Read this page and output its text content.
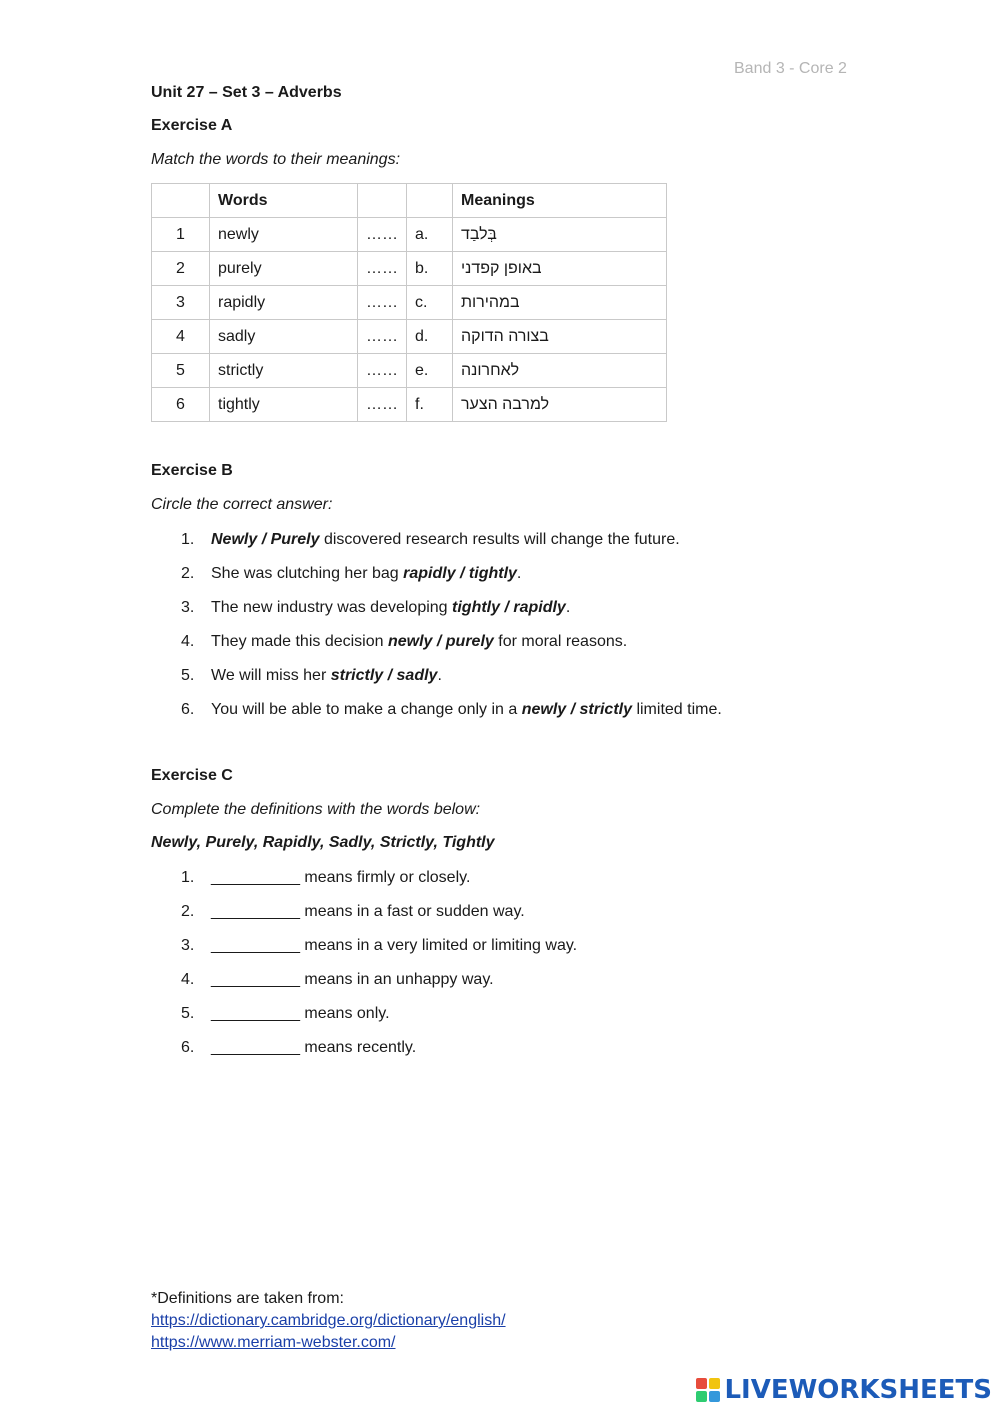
Band 3 - Core 2
Unit 27 – Set 3 – Adverbs
Exercise A
Match the words to their meanings:
	Words			Meanings
1	newly	……	a.	בְּלבַד
2	purely	……	b.	באופן קפדני
3	rapidly	……	c.	במהירות
4	sadly	……	d.	בצורה הדוקה
5	strictly	……	e.	לאחרונה
6	tightly	……	f.	למרבה הצער
Exercise B
Circle the correct answer:
1. Newly / Purely discovered research results will change the future.
2. She was clutching her bag rapidly / tightly.
3. The new industry was developing tightly / rapidly.
4. They made this decision newly / purely for moral reasons.
5. We will miss her strictly / sadly.
6. You will be able to make a change only in a newly / strictly limited time.
Exercise C
Complete the definitions with the words below:
Newly, Purely, Rapidly, Sadly, Strictly, Tightly
1. __________ means firmly or closely.
2. __________ means in a fast or sudden way.
3. __________ means in a very limited or limiting way.
4. __________ means in an unhappy way.
5. __________ means only.
6. __________ means recently.
*Definitions are taken from:
https://dictionary.cambridge.org/dictionary/english/
https://www.merriam-webster.com/
LIVEWORKSHEETS
